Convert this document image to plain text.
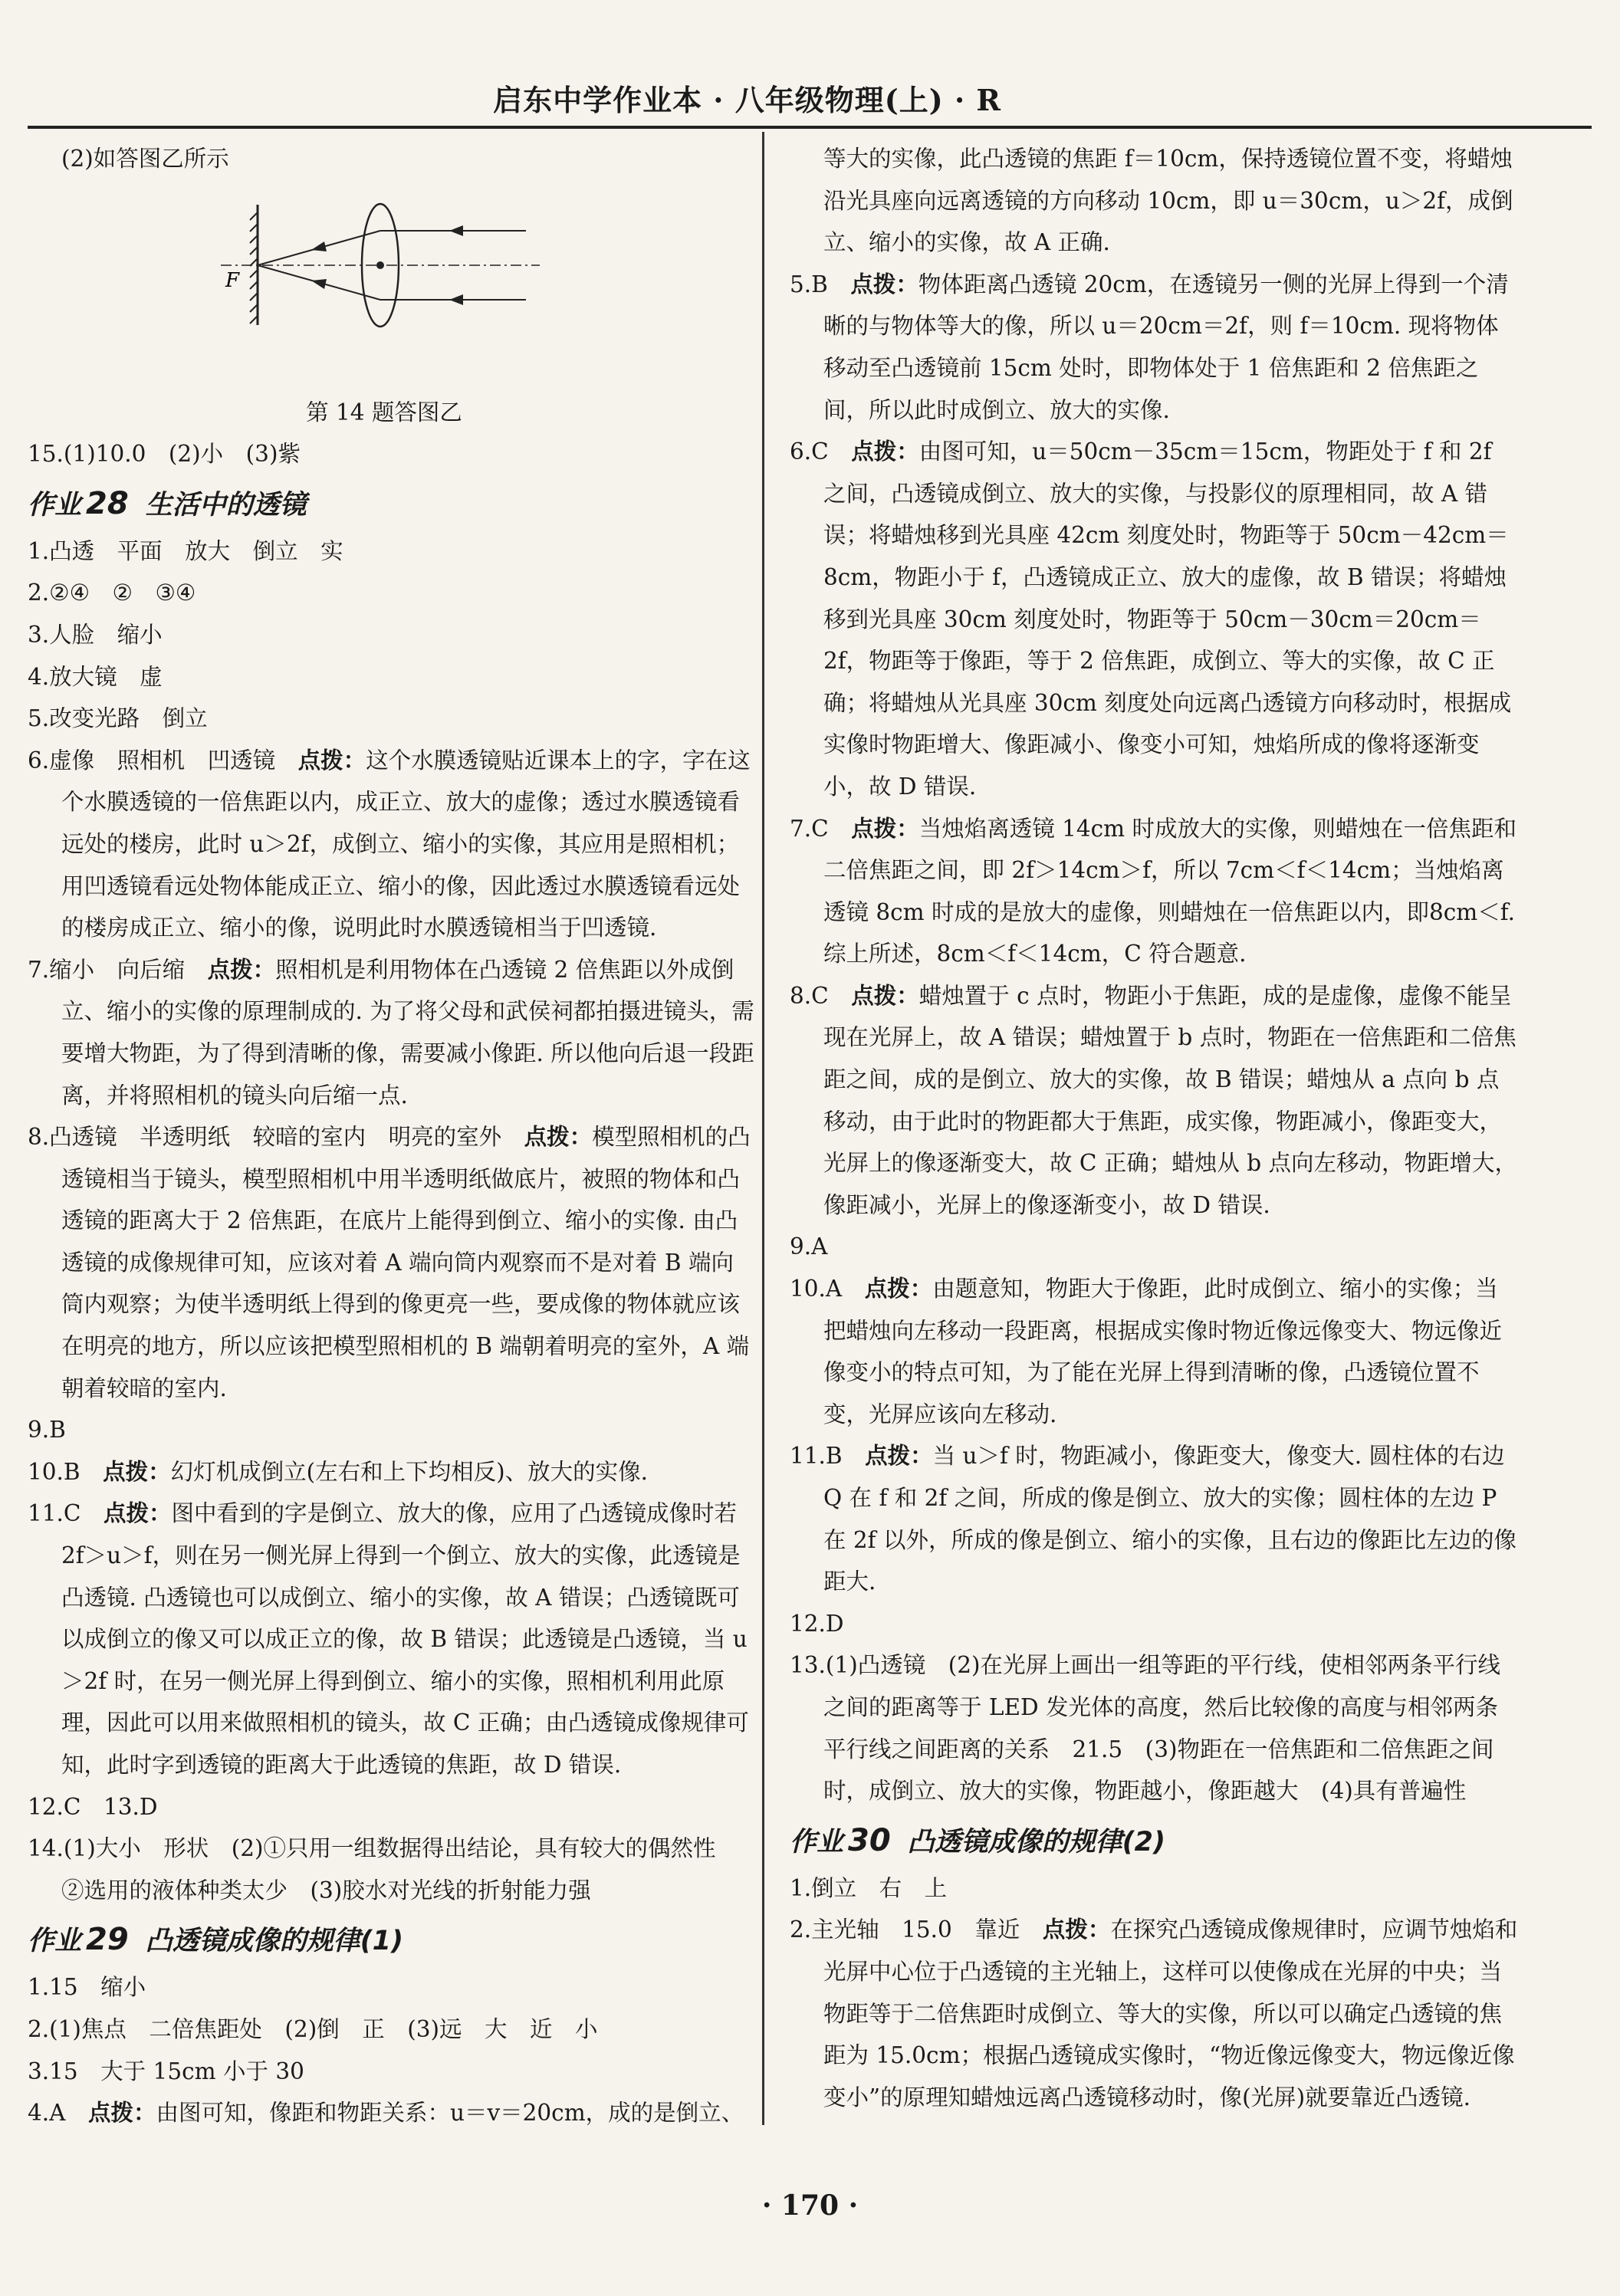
启东中学作业本 · 八年级物理(上) · R

(2)如答图乙所示

F

第 14 题答图乙

15.(1)10.0　(2)小　(3)紫

作业 28 生活中的透镜

1.凸透　平面　放大　倒立　实

2.②④　②　③④

3.人脸　缩小

4.放大镜　虚

5.改变光路　倒立

6.虚像　照相机　凹透镜　点拨：这个水膜透镜贴近课本上的字，字在这个水膜透镜的一倍焦距以内，成正立、放大的虚像；透过水膜透镜看远处的楼房，此时 u＞2f，成倒立、缩小的实像，其应用是照相机；用凹透镜看远处物体能成正立、缩小的像，因此透过水膜透镜看远处的楼房成正立、缩小的像，说明此时水膜透镜相当于凹透镜.

7.缩小　向后缩　点拨：照相机是利用物体在凸透镜 2 倍焦距以外成倒立、缩小的实像的原理制成的. 为了将父母和武侯祠都拍摄进镜头，需要增大物距，为了得到清晰的像，需要减小像距. 所以他向后退一段距离，并将照相机的镜头向后缩一点.

8.凸透镜　半透明纸　较暗的室内　明亮的室外　点拨：模型照相机的凸透镜相当于镜头，模型照相机中用半透明纸做底片，被照的物体和凸透镜的距离大于 2 倍焦距，在底片上能得到倒立、缩小的实像. 由凸透镜的成像规律可知，应该对着 A 端向筒内观察而不是对着 B 端向筒内观察；为使半透明纸上得到的像更亮一些，要成像的物体就应该在明亮的地方，所以应该把模型照相机的 B 端朝着明亮的室外，A 端朝着较暗的室内.

9.B

10.B　点拨：幻灯机成倒立(左右和上下均相反)、放大的实像.

11.C　点拨：图中看到的字是倒立、放大的像，应用了凸透镜成像时若 2f＞u＞f，则在另一侧光屏上得到一个倒立、放大的实像，此透镜是凸透镜. 凸透镜也可以成倒立、缩小的实像，故 A 错误；凸透镜既可以成倒立的像又可以成正立的像，故 B 错误；此透镜是凸透镜，当 u＞2f 时，在另一侧光屏上得到倒立、缩小的实像，照相机利用此原理，因此可以用来做照相机的镜头，故 C 正确；由凸透镜成像规律可知，此时字到透镜的距离大于此透镜的焦距，故 D 错误.

12.C　13.D

14.(1)大小　形状　(2)①只用一组数据得出结论，具有较大的偶然性　②选用的液体种类太少　(3)胶水对光线的折射能力强

作业 29 凸透镜成像的规律(1)

1.15　缩小

2.(1)焦点　二倍焦距处　(2)倒　正　(3)远　大　近　小

3.15　大于 15cm 小于 30

4.A　点拨：由图可知，像距和物距关系：u＝v＝20cm，成的是倒立、

等大的实像，此凸透镜的焦距 f＝10cm，保持透镜位置不变，将蜡烛沿光具座向远离透镜的方向移动 10cm，即 u＝30cm，u＞2f，成倒立、缩小的实像，故 A 正确.

5.B　点拨：物体距离凸透镜 20cm，在透镜另一侧的光屏上得到一个清晰的与物体等大的像，所以 u＝20cm＝2f，则 f＝10cm. 现将物体移动至凸透镜前 15cm 处时，即物体处于 1 倍焦距和 2 倍焦距之间，所以此时成倒立、放大的实像.

6.C　点拨：由图可知，u＝50cm－35cm＝15cm，物距处于 f 和 2f 之间，凸透镜成倒立、放大的实像，与投影仪的原理相同，故 A 错误；将蜡烛移到光具座 42cm 刻度处时，物距等于 50cm－42cm＝8cm，物距小于 f，凸透镜成正立、放大的虚像，故 B 错误；将蜡烛移到光具座 30cm 刻度处时，物距等于 50cm－30cm＝20cm＝2f，物距等于像距，等于 2 倍焦距，成倒立、等大的实像，故 C 正确；将蜡烛从光具座 30cm 刻度处向远离凸透镜方向移动时，根据成实像时物距增大、像距减小、像变小可知，烛焰所成的像将逐渐变小，故 D 错误.

7.C　点拨：当烛焰离透镜 14cm 时成放大的实像，则蜡烛在一倍焦距和二倍焦距之间，即 2f＞14cm＞f，所以 7cm＜f＜14cm；当烛焰离透镜 8cm 时成的是放大的虚像，则蜡烛在一倍焦距以内，即8cm＜f. 综上所述，8cm＜f＜14cm，C 符合题意.

8.C　点拨：蜡烛置于 c 点时，物距小于焦距，成的是虚像，虚像不能呈现在光屏上，故 A 错误；蜡烛置于 b 点时，物距在一倍焦距和二倍焦距之间，成的是倒立、放大的实像，故 B 错误；蜡烛从 a 点向 b 点移动，由于此时的物距都大于焦距，成实像，物距减小，像距变大，光屏上的像逐渐变大，故 C 正确；蜡烛从 b 点向左移动，物距增大，像距减小，光屏上的像逐渐变小，故 D 错误.

9.A

10.A　点拨：由题意知，物距大于像距，此时成倒立、缩小的实像；当把蜡烛向左移动一段距离，根据成实像时物近像远像变大、物远像近像变小的特点可知，为了能在光屏上得到清晰的像，凸透镜位置不变，光屏应该向左移动.

11.B　点拨：当 u＞f 时，物距减小，像距变大，像变大. 圆柱体的右边 Q 在 f 和 2f 之间，所成的像是倒立、放大的实像；圆柱体的左边 P 在 2f 以外，所成的像是倒立、缩小的实像，且右边的像距比左边的像距大.

12.D

13.(1)凸透镜　(2)在光屏上画出一组等距的平行线，使相邻两条平行线之间的距离等于 LED 发光体的高度，然后比较像的高度与相邻两条平行线之间距离的关系　21.5　(3)物距在一倍焦距和二倍焦距之间时，成倒立、放大的实像，物距越小，像距越大　(4)具有普遍性

作业 30 凸透镜成像的规律(2)

1.倒立　右　上

2.主光轴　15.0　靠近　点拨：在探究凸透镜成像规律时，应调节烛焰和光屏中心位于凸透镜的主光轴上，这样可以使像成在光屏的中央；当物距等于二倍焦距时成倒立、等大的实像，所以可以确定凸透镜的焦距为 15.0cm；根据凸透镜成实像时，“物近像远像变大，物远像近像变小”的原理知蜡烛远离凸透镜移动时，像(光屏)就要靠近凸透镜.

· 170 ·
